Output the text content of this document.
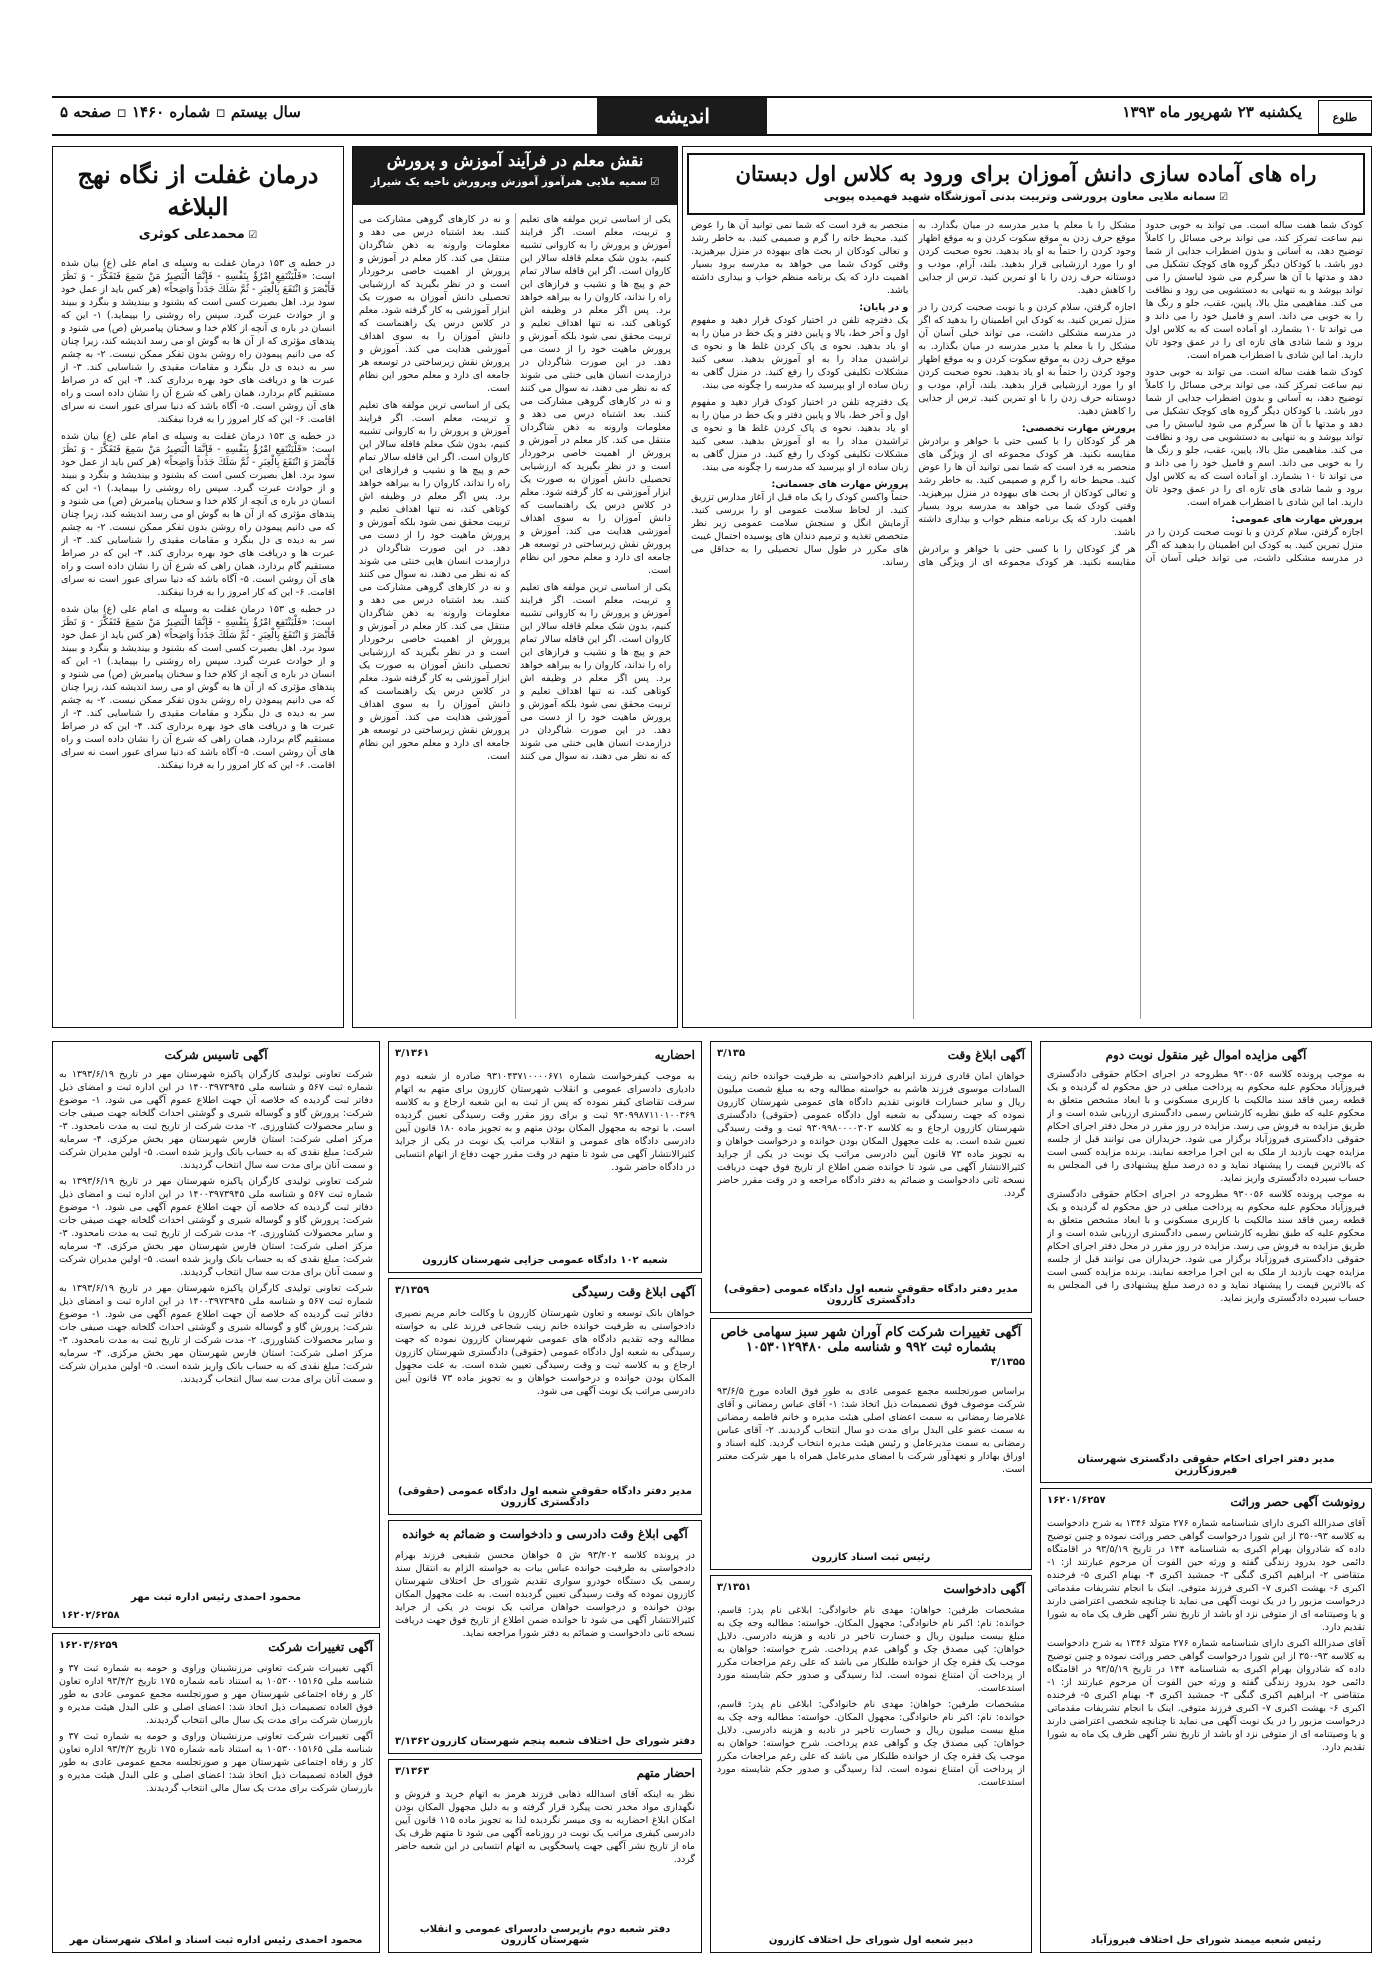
طلوع
یکشنبه ۲۳ شهریور ماه ۱۳۹۳
اندیشه
سال بیستم ▫ شماره ۱۴۶۰ ▫ صفحه ۵
راه های آماده سازی دانش آموزان برای ورود به کلاس اول دبستان
☑ سمانه ملایی معاون پرورشی وتربیت بدنی آموزشگاه شهید فهمیده پیوپی

کودک شما هفت ساله است. می تواند به خوبی حدود نیم ساعت تمرکز کند، می تواند برخی مسائل را کاملاً توضیح دهد، به آسانی و بدون اضطراب جدایی از شما دور باشد. با کودکان دیگر گروه های کوچک تشکیل می دهد و مدتها با آن ها سرگرم می شود لباسش را می تواند بپوشد و به تنهایی به دستشویی می رود و نظافت می کند. مفاهیمی مثل بالا، پایین، عقب، جلو و رنگ ها را به خوبی می داند. اسم و فامیل خود را می داند و می تواند تا ۱۰ بشمارد. او آماده است که به کلاس اول برود و شما شادی های تازه ای را در عمق وجود تان دارید. اما این شادی با اضطراب همراه است.

کودک شما هفت ساله است. می تواند به خوبی حدود نیم ساعت تمرکز کند، می تواند برخی مسائل را کاملاً توضیح دهد، به آسانی و بدون اضطراب جدایی از شما دور باشد. با کودکان دیگر گروه های کوچک تشکیل می دهد و مدتها با آن ها سرگرم می شود لباسش را می تواند بپوشد و به تنهایی به دستشویی می رود و نظافت می کند. مفاهیمی مثل بالا، پایین، عقب، جلو و رنگ ها را به خوبی می داند. اسم و فامیل خود را می داند و می تواند تا ۱۰ بشمارد. او آماده است که به کلاس اول برود و شما شادی های تازه ای را در عمق وجود تان دارید. اما این شادی با اضطراب همراه است.

پرورش مهارت های عمومی:

اجازه گرفتن، سلام کردن و با نوبت صحبت کردن را در منزل تمرین کنید. به کودک اين اطمینان را بدهید که اگر در مدرسه مشکلی داشت، می تواند خیلی آسان آن مشکل را با معلم یا مدیر مدرسه در میان بگذارد. به موقع حرف زدن به موقع سکوت کردن و به موقع اظهار وجود کردن را حتماً به او یاد بدهید. نحوه صحبت کردن او را مورد ارزشیابی قرار بدهید. بلند، آرام، مودب و دوستانه حرف زدن را با او تمرین کنید. ترس از جدایی را کاهش دهید.

اجازه گرفتن، سلام کردن و با نوبت صحبت کردن را در منزل تمرین کنید. به کودک اين اطمینان را بدهید که اگر در مدرسه مشکلی داشت، می تواند خیلی آسان آن مشکل را با معلم یا مدیر مدرسه در میان بگذارد. به موقع حرف زدن به موقع سکوت کردن و به موقع اظهار وجود کردن را حتماً به او یاد بدهید. نحوه صحبت کردن او را مورد ارزشیابی قرار بدهید. بلند، آرام، مودب و دوستانه حرف زدن را با او تمرین کنید. ترس از جدایی را کاهش دهید.

پرورش مهارت تخصصی:

هر گز کودکان را با کسی حتی با خواهر و برادرش مقایسه نکنید. هر کودک مجموعه ای از ویژگی های منحصر به فرد است که شما نمی توانید آن ها را عوض کنید. محیط خانه را گرم و صمیمی کنید. به خاطر رشد و تعالی کودکان از بحث های بیهوده در منزل بپرهیزید. وقتی کودک شما می خواهد به مدرسه برود بسیار اهمیت دارد که یک برنامه منظم خواب و بیداری داشته باشد.

هر گز کودکان را با کسی حتی با خواهر و برادرش مقایسه نکنید. هر کودک مجموعه ای از ویژگی های منحصر به فرد است که شما نمی توانید آن ها را عوض کنید. محیط خانه را گرم و صمیمی کنید. به خاطر رشد و تعالی کودکان از بحث های بیهوده در منزل بپرهیزید. وقتی کودک شما می خواهد به مدرسه برود بسیار اهمیت دارد که یک برنامه منظم خواب و بیداری داشته باشد.

و در پایان:

یک دفترچه تلفن در اختیار کودک قرار دهید و مفهوم اول و آخر خط، بالا و پایین دفتر و یک خط در میان را به او یاد بدهید. نحوه ی پاک کردن غلط ها و نحوه ی تراشیدن مداد را به او آموزش بدهید. سعی کنید مشکلات تکلیفی کودک را رفع کنید. در منزل گاهی به زبان ساده از او بپرسید که مدرسه را چگونه می بیند.

یک دفترچه تلفن در اختیار کودک قرار دهید و مفهوم اول و آخر خط، بالا و پایین دفتر و یک خط در میان را به او یاد بدهید. نحوه ی پاک کردن غلط ها و نحوه ی تراشیدن مداد را به او آموزش بدهید. سعی کنید مشکلات تکلیفی کودک را رفع کنید. در منزل گاهی به زبان ساده از او بپرسید که مدرسه را چگونه می بیند.

پرورش مهارت های جسمانی:

حتماً واکسن کودک را یک ماه قبل از آغاز مدارس تزریق کنید. از لحاظ سلامت عمومی او را بررسی کنید. آزمایش انگل و سنجش سلامت عمومی زیر نظر متخصص تغذیه و ترمیم دندان های پوسیده احتمال غیبت های مکرر در طول سال تحصیلی را به حداقل می رساند.

نقش معلم در فرآیند آموزش و پرورش
☑ سمیه ملایی هنرآموز آموزش وپرورش ناحیه یک شیراز

یکی از اساسی ترین مولفه های تعلیم و تربیت، معلم است. اگر فرایند آموزش و پرورش را به کاروانی تشبیه کنیم، بدون شک معلم قافله سالار این کاروان است. اگر این قافله سالار تمام خم و پیچ ها و نشیب و فرازهای این راه را نداند، کاروان را به بیراهه خواهد برد. پس اگر معلم در وظیفه اش کوتاهی کند، نه تنها اهداف تعلیم و تربیت محقق نمی شود بلکه آموزش و پرورش ماهیت خود را از دست می دهد. در این صورت شاگردان در درازمدت انسان هایی خنثی می شوند که نه نظر می دهند، نه سوال می کنند و نه در کارهای گروهی مشارکت می کنند. بعد اشتباه درس می دهد و معلومات وارونه به ذهن شاگردان منتقل می کند. کار معلم در آموزش و پرورش از اهمیت خاصی برخوردار است و در نظر بگیرید که ارزشیابی تحصیلی دانش آموزان به صورت یک ابزار آموزشی به کار گرفته شود. معلم در کلاس درس یک راهنماست که دانش آموزان را به سوی اهداف آموزشی هدایت می کند. آموزش و پرورش نقش زیرساختی در توسعه هر جامعه ای دارد و معلم محور این نظام است.

یکی از اساسی ترین مولفه های تعلیم و تربیت، معلم است. اگر فرایند آموزش و پرورش را به کاروانی تشبیه کنیم، بدون شک معلم قافله سالار این کاروان است. اگر این قافله سالار تمام خم و پیچ ها و نشیب و فرازهای این راه را نداند، کاروان را به بیراهه خواهد برد. پس اگر معلم در وظیفه اش کوتاهی کند، نه تنها اهداف تعلیم و تربیت محقق نمی شود بلکه آموزش و پرورش ماهیت خود را از دست می دهد. در این صورت شاگردان در درازمدت انسان هایی خنثی می شوند که نه نظر می دهند، نه سوال می کنند و نه در کارهای گروهی مشارکت می کنند. بعد اشتباه درس می دهد و معلومات وارونه به ذهن شاگردان منتقل می کند. کار معلم در آموزش و پرورش از اهمیت خاصی برخوردار است و در نظر بگیرید که ارزشیابی تحصیلی دانش آموزان به صورت یک ابزار آموزشی به کار گرفته شود. معلم در کلاس درس یک راهنماست که دانش آموزان را به سوی اهداف آموزشی هدایت می کند. آموزش و پرورش نقش زیرساختی در توسعه هر جامعه ای دارد و معلم محور این نظام است.

یکی از اساسی ترین مولفه های تعلیم و تربیت، معلم است. اگر فرایند آموزش و پرورش را به کاروانی تشبیه کنیم، بدون شک معلم قافله سالار این کاروان است. اگر این قافله سالار تمام خم و پیچ ها و نشیب و فرازهای این راه را نداند، کاروان را به بیراهه خواهد برد. پس اگر معلم در وظیفه اش کوتاهی کند، نه تنها اهداف تعلیم و تربیت محقق نمی شود بلکه آموزش و پرورش ماهیت خود را از دست می دهد. در این صورت شاگردان در درازمدت انسان هایی خنثی می شوند که نه نظر می دهند، نه سوال می کنند و نه در کارهای گروهی مشارکت می کنند. بعد اشتباه درس می دهد و معلومات وارونه به ذهن شاگردان منتقل می کند. کار معلم در آموزش و پرورش از اهمیت خاصی برخوردار است و در نظر بگیرید که ارزشیابی تحصیلی دانش آموزان به صورت یک ابزار آموزشی به کار گرفته شود. معلم در کلاس درس یک راهنماست که دانش آموزان را به سوی اهداف آموزشی هدایت می کند. آموزش و پرورش نقش زیرساختی در توسعه هر جامعه ای دارد و معلم محور این نظام است.

درمان غفلت از نگاه نهج البلاغه
☑ محمدعلی کوثری

در خطبه ی ۱۵۳ درمان غفلت به وسیله ی امام علی (ع) بیان شده است: «فَلْيَنْتَفِعِ امْرُؤٌ بِنَفْسِهِ - فَإِنَّمَا الْبَصِيرُ مَنْ سَمِعَ فَتَفَكَّرَ - وَ نَظَرَ فَأَبْصَرَ وَ انْتَفَعَ بِالْعِبَرِ - ثُمَّ سَلَكَ جَدَداً وَاضِحاً» (هر کس باید از عمل خود سود برد. اهل بصیرت کسی است که بشنود و بیندیشد و بنگرد و ببیند و از حوادث عبرت گیرد. سپس راه روشنی را بپیماید.) ۱- این که انسان در باره ی آنچه از کلام خدا و سخنان پیامبرش (ص) می شنود و پندهای مؤثری که از آن ها به گوش او می رسد اندیشه کند، زیرا چنان که می دانیم پیمودن راه روشن بدون تفکر ممکن نیست. ۲- به چشم سر به دیده ی دل بنگرد و مقامات مقیدی را شناسایی کند. ۳- از عبرت ها و دریافت های خود بهره برداری کند. ۴- این که در صراط مستقیم گام بردارد، همان راهی که شرع آن را نشان داده است و راه های آن روشن است. ۵- آگاه باشد که دنیا سرای عبور است نه سرای اقامت. ۶- این که کار امروز را به فردا نیفکند.

در خطبه ی ۱۵۳ درمان غفلت به وسیله ی امام علی (ع) بیان شده است: «فَلْيَنْتَفِعِ امْرُؤٌ بِنَفْسِهِ - فَإِنَّمَا الْبَصِيرُ مَنْ سَمِعَ فَتَفَكَّرَ - وَ نَظَرَ فَأَبْصَرَ وَ انْتَفَعَ بِالْعِبَرِ - ثُمَّ سَلَكَ جَدَداً وَاضِحاً» (هر کس باید از عمل خود سود برد. اهل بصیرت کسی است که بشنود و بیندیشد و بنگرد و ببیند و از حوادث عبرت گیرد. سپس راه روشنی را بپیماید.) ۱- این که انسان در باره ی آنچه از کلام خدا و سخنان پیامبرش (ص) می شنود و پندهای مؤثری که از آن ها به گوش او می رسد اندیشه کند، زیرا چنان که می دانیم پیمودن راه روشن بدون تفکر ممکن نیست. ۲- به چشم سر به دیده ی دل بنگرد و مقامات مقیدی را شناسایی کند. ۳- از عبرت ها و دریافت های خود بهره برداری کند. ۴- این که در صراط مستقیم گام بردارد، همان راهی که شرع آن را نشان داده است و راه های آن روشن است. ۵- آگاه باشد که دنیا سرای عبور است نه سرای اقامت. ۶- این که کار امروز را به فردا نیفکند.

در خطبه ی ۱۵۳ درمان غفلت به وسیله ی امام علی (ع) بیان شده است: «فَلْيَنْتَفِعِ امْرُؤٌ بِنَفْسِهِ - فَإِنَّمَا الْبَصِيرُ مَنْ سَمِعَ فَتَفَكَّرَ - وَ نَظَرَ فَأَبْصَرَ وَ انْتَفَعَ بِالْعِبَرِ - ثُمَّ سَلَكَ جَدَداً وَاضِحاً» (هر کس باید از عمل خود سود برد. اهل بصیرت کسی است که بشنود و بیندیشد و بنگرد و ببیند و از حوادث عبرت گیرد. سپس راه روشنی را بپیماید.) ۱- این که انسان در باره ی آنچه از کلام خدا و سخنان پیامبرش (ص) می شنود و پندهای مؤثری که از آن ها به گوش او می رسد اندیشه کند، زیرا چنان که می دانیم پیمودن راه روشن بدون تفکر ممکن نیست. ۲- به چشم سر به دیده ی دل بنگرد و مقامات مقیدی را شناسایی کند. ۳- از عبرت ها و دریافت های خود بهره برداری کند. ۴- این که در صراط مستقیم گام بردارد، همان راهی که شرع آن را نشان داده است و راه های آن روشن است. ۵- آگاه باشد که دنیا سرای عبور است نه سرای اقامت. ۶- این که کار امروز را به فردا نیفکند.

آگهی مزایده اموال غیر منقول نوبت دوم

به موجب پرونده کلاسه ۹۳۰۰۵۶ مطروحه در اجرای احکام حقوقی دادگستری فیروزآباد محکوم علیه محکوم به پرداخت مبلغی در حق محکوم له گردیده و یک قطعه زمین فاقد سند مالکیت با کاربری مسکونی و با ابعاد مشخص متعلق به محکوم علیه که طبق نظریه کارشناس رسمی دادگستری ارزیابی شده است و از طریق مزایده به فروش می رسد. مزایده در روز مقرر در محل دفتر اجرای احکام حقوقی دادگستری فیروزآباد برگزار می شود. خریداران می توانند قبل از جلسه مزایده جهت بازدید از ملک به این اجرا مراجعه نمایند. برنده مزایده کسی است که بالاترین قیمت را پیشنهاد نماید و ده درصد مبلغ پیشنهادی را فی المجلس به حساب سپرده دادگستری واریز نماید.

به موجب پرونده کلاسه ۹۳۰۰۵۶ مطروحه در اجرای احکام حقوقی دادگستری فیروزآباد محکوم علیه محکوم به پرداخت مبلغی در حق محکوم له گردیده و یک قطعه زمین فاقد سند مالکیت با کاربری مسکونی و با ابعاد مشخص متعلق به محکوم علیه که طبق نظریه کارشناس رسمی دادگستری ارزیابی شده است و از طریق مزایده به فروش می رسد. مزایده در روز مقرر در محل دفتر اجرای احکام حقوقی دادگستری فیروزآباد برگزار می شود. خریداران می توانند قبل از جلسه مزایده جهت بازدید از ملک به این اجرا مراجعه نمایند. برنده مزایده کسی است که بالاترین قیمت را پیشنهاد نماید و ده درصد مبلغ پیشنهادی را فی المجلس به حساب سپرده دادگستری واریز نماید.

مدیر دفتر اجرای احکام حقوقی دادگستری شهرستان فیروزکارزین
رونوشت آگهی حصر وراثت
۱۶۲۰۱/۶۲۵۷

آقای صدرالله اکبری دارای شناسنامه شماره ۲۷۶ متولد ۱۳۴۶ به شرح دادخواست به کلاسه ۹۳-۳۵۰ از این شورا درخواست گواهی حصر وراثت نموده و چنین توضیح داده که شادروان بهرام اکبری به شناسنامه ۱۴۴ در تاریخ ۹۳/۵/۱۹ در اقامتگاه دائمی خود بدرود زندگی گفته و ورثه حین الفوت آن مرحوم عبارتند از: ۱- متقاضی ۲- ابراهیم اکبری گنگی ۳- جمشید اکبری ۴- بهنام اکبری ۵- فرخنده اکبری ۶- بهشت اکبری ۷- اکبری فرزند متوفی. اینک با انجام تشریفات مقدماتی درخواست مزبور را در یک نوبت آگهی می نماید تا چنانچه شخصی اعتراضی دارند و یا وصیتنامه ای از متوفی نزد او باشد از تاریخ نشر آگهی ظرف یک ماه به شورا تقدیم دارد.

آقای صدرالله اکبری دارای شناسنامه شماره ۲۷۶ متولد ۱۳۴۶ به شرح دادخواست به کلاسه ۹۳-۳۵۰ از این شورا درخواست گواهی حصر وراثت نموده و چنین توضیح داده که شادروان بهرام اکبری به شناسنامه ۱۴۴ در تاریخ ۹۳/۵/۱۹ در اقامتگاه دائمی خود بدرود زندگی گفته و ورثه حین الفوت آن مرحوم عبارتند از: ۱- متقاضی ۲- ابراهیم اکبری گنگی ۳- جمشید اکبری ۴- بهنام اکبری ۵- فرخنده اکبری ۶- بهشت اکبری ۷- اکبری فرزند متوفی. اینک با انجام تشریفات مقدماتی درخواست مزبور را در یک نوبت آگهی می نماید تا چنانچه شخصی اعتراضی دارند و یا وصیتنامه ای از متوفی نزد او باشد از تاریخ نشر آگهی ظرف یک ماه به شورا تقدیم دارد.

رئیس شعبه میمند شورای حل اختلاف فیروزآباد
آگهی ابلاغ وقت
۳/۱۳۵
خواهان امان قادری فرزند ابراهیم دادخواستی به طرفیت خوانده خانم زینت السادات موسوی فرزند هاشم به خواسته مطالبه وجه به مبلغ شصت میلیون ریال و سایر خسارات قانونی تقدیم دادگاه های عمومی شهرستان کازرون نموده که جهت رسیدگی به شعبه اول دادگاه عمومی (حقوقی) دادگستری شهرستان کازرون ارجاع و به کلاسه ۹۳۰۹۹۸۰۰۰۰۳۰۲ ثبت و وقت رسیدگی تعیین شده است. به علت مجهول المکان بودن خوانده و درخواست خواهان و به تجویز ماده ۷۳ قانون آیین دادرسی مراتب یک نوبت در یکی از جراید کثیرالانتشار آگهی می شود تا خوانده ضمن اطلاع از تاریخ فوق جهت دریافت نسخه ثانی دادخواست و ضمائم به دفتر دادگاه مراجعه و در وقت مقرر حاضر گردد.
مدیر دفتر دادگاه حقوقی شعبه اول دادگاه عمومی (حقوقی) دادگستری کازرون
آگهی تغییرات شرکت کام آوران شهر سبز سهامی خاص بشماره ثبت ۹۹۲ و شناسه ملی ۱۰۵۳۰۱۲۹۴۸۰
۳/۱۳۵۵
براساس صورتجلسه مجمع عمومی عادی به طور فوق العاده مورخ ۹۳/۶/۵ شرکت موصوف فوق تصمیمات ذیل اتخاذ شد: ۱- آقای عباس رمضانی و آقای غلامرضا رمضانی به سمت اعضای اصلی هیئت مدیره و خانم فاطمه رمضانی به سمت عضو علی البدل برای مدت دو سال انتخاب گردیدند. ۲- آقای عباس رمضانی به سمت مدیرعامل و رئیس هیئت مدیره انتخاب گردید. کلیه اسناد و اوراق بهادار و تعهدآور شرکت با امضای مدیرعامل همراه با مهر شرکت معتبر است.
رئیس ثبت اسناد کازرون
آگهی دادخواست
۳/۱۳۵۱

مشخصات طرفین: خواهان: مهدی نام خانوادگی: ابلاغی نام پدر: قاسم، خوانده: نام: اکبر نام خانوادگی: مجهول المکان. خواسته: مطالبه وجه چک به مبلغ بیست میلیون ریال و خسارت تاخیر در تادیه و هزینه دادرسی. دلایل خواهان: کپی مصدق چک و گواهی عدم پرداخت. شرح خواسته: خواهان به موجب یک فقره چک از خوانده طلبکار می باشد که علی رغم مراجعات مکرر از پرداخت آن امتناع نموده است. لذا رسیدگی و صدور حکم شایسته مورد استدعاست.

مشخصات طرفین: خواهان: مهدی نام خانوادگی: ابلاغی نام پدر: قاسم، خوانده: نام: اکبر نام خانوادگی: مجهول المکان. خواسته: مطالبه وجه چک به مبلغ بیست میلیون ریال و خسارت تاخیر در تادیه و هزینه دادرسی. دلایل خواهان: کپی مصدق چک و گواهی عدم پرداخت. شرح خواسته: خواهان به موجب یک فقره چک از خوانده طلبکار می باشد که علی رغم مراجعات مکرر از پرداخت آن امتناع نموده است. لذا رسیدگی و صدور حکم شایسته مورد استدعاست.

دبیر شعبه اول شورای حل اختلاف کازرون
احضاریه
۳/۱۳۶۱
به موجب کیفرخواست شماره ۹۳۱۰۴۳۷۱۰۰۰۰۶۷۱ صادره از شعبه دوم دادیاری دادسرای عمومی و انقلاب شهرستان کازرون برای متهم به اتهام سرقت تقاضای کیفر نموده که پس از ثبت به این شعبه ارجاع و به کلاسه ۹۳۰۹۹۸۷۱۱۰۱۰۰۳۶۹ ثبت و برای روز مقرر وقت رسیدگی تعیین گردیده است. با توجه به مجهول المکان بودن متهم و به تجویز ماده ۱۸۰ قانون آیین دادرسی دادگاه های عمومی و انقلاب مراتب یک نوبت در یکی از جراید کثیرالانتشار آگهی می شود تا متهم در وقت مقرر جهت دفاع از اتهام انتسابی در دادگاه حاضر شود.
شعبه ۱۰۲ دادگاه عمومی جزایی شهرستان کازرون
آگهی ابلاغ وقت رسیدگی
۳/۱۳۵۹
خواهان بانک توسعه و تعاون شهرستان کازرون با وکالت خانم مریم نصیری دادخواستی به طرفیت خوانده خانم زینب شجاعی فرزند علی به خواسته مطالبه وجه تقدیم دادگاه های عمومی شهرستان کازرون نموده که جهت رسیدگی به شعبه اول دادگاه عمومی (حقوقی) دادگستری شهرستان کازرون ارجاع و به کلاسه ثبت و وقت رسیدگی تعیین شده است. به علت مجهول المکان بودن خوانده و درخواست خواهان و به تجویز ماده ۷۳ قانون آیین دادرسی مراتب یک نوبت آگهی می شود.
مدیر دفتر دادگاه حقوقی شعبه اول دادگاه عمومی (حقوقی) دادگستری کازرون
آگهی ابلاغ وقت دادرسی و دادخواست و ضمائم به خوانده
در پرونده کلاسه ۹۳/۲۰۲ ش ۵ خواهان محسن شفیعی فرزند بهرام دادخواستی به طرفیت خوانده عباس بیات به خواسته الزام به انتقال سند رسمی یک دستگاه خودرو سواری تقدیم شورای حل اختلاف شهرستان کازرون نموده که وقت رسیدگی تعیین گردیده است. به علت مجهول المکان بودن خوانده و درخواست خواهان مراتب یک نوبت در یکی از جراید کثیرالانتشار آگهی می شود تا خوانده ضمن اطلاع از تاریخ فوق جهت دریافت نسخه ثانی دادخواست و ضمائم به دفتر شورا مراجعه نماید.
دفتر شورای حل اختلاف شعبه پنجم شهرستان کازرون
۳/۱۳۶۲
احضار متهم
۳/۱۳۶۳
نظر به اینکه آقای اسدالله ذهابی فرزند هرمز به اتهام خرید و فروش و نگهداری مواد مخدر تحت پیگرد قرار گرفته و به دلیل مجهول المکان بودن امکان ابلاغ احضاریه به وی میسر نگردیده لذا به تجویز ماده ۱۱۵ قانون آیین دادرسی کیفری مراتب یک نوبت در روزنامه آگهی می شود تا متهم ظرف یک ماه از تاریخ نشر آگهی جهت پاسخگویی به اتهام انتسابی در این شعبه حاضر گردد.
دفتر شعبه دوم بازپرسی دادسرای عمومی و انقلاب شهرستان کازرون
آگهی تاسیس شرکت

شرکت تعاونی تولیدی کارگران پاکیزه شهرستان مهر در تاریخ ۱۳۹۳/۶/۱۹ به شماره ثبت ۵۶۷ و شناسه ملی ۱۴۰۰۳۹۷۳۹۴۵ در این اداره ثبت و امضای ذیل دفاتر ثبت گردیده که خلاصه آن جهت اطلاع عموم آگهی می شود. ۱- موضوع شرکت: پرورش گاو و گوساله شیری و گوشتی احداث گلخانه جهت صیفی جات و سایر محصولات کشاورزی. ۲- مدت شرکت از تاریخ ثبت به مدت نامحدود. ۳- مرکز اصلی شرکت: استان فارس شهرستان مهر بخش مرکزی. ۴- سرمایه شرکت: مبلغ نقدی که به حساب بانک واریز شده است. ۵- اولین مدیران شرکت و سمت آنان برای مدت سه سال انتخاب گردیدند.

شرکت تعاونی تولیدی کارگران پاکیزه شهرستان مهر در تاریخ ۱۳۹۳/۶/۱۹ به شماره ثبت ۵۶۷ و شناسه ملی ۱۴۰۰۳۹۷۳۹۴۵ در این اداره ثبت و امضای ذیل دفاتر ثبت گردیده که خلاصه آن جهت اطلاع عموم آگهی می شود. ۱- موضوع شرکت: پرورش گاو و گوساله شیری و گوشتی احداث گلخانه جهت صیفی جات و سایر محصولات کشاورزی. ۲- مدت شرکت از تاریخ ثبت به مدت نامحدود. ۳- مرکز اصلی شرکت: استان فارس شهرستان مهر بخش مرکزی. ۴- سرمایه شرکت: مبلغ نقدی که به حساب بانک واریز شده است. ۵- اولین مدیران شرکت و سمت آنان برای مدت سه سال انتخاب گردیدند.

شرکت تعاونی تولیدی کارگران پاکیزه شهرستان مهر در تاریخ ۱۳۹۳/۶/۱۹ به شماره ثبت ۵۶۷ و شناسه ملی ۱۴۰۰۳۹۷۳۹۴۵ در این اداره ثبت و امضای ذیل دفاتر ثبت گردیده که خلاصه آن جهت اطلاع عموم آگهی می شود. ۱- موضوع شرکت: پرورش گاو و گوساله شیری و گوشتی احداث گلخانه جهت صیفی جات و سایر محصولات کشاورزی. ۲- مدت شرکت از تاریخ ثبت به مدت نامحدود. ۳- مرکز اصلی شرکت: استان فارس شهرستان مهر بخش مرکزی. ۴- سرمایه شرکت: مبلغ نقدی که به حساب بانک واریز شده است. ۵- اولین مدیران شرکت و سمت آنان برای مدت سه سال انتخاب گردیدند.

محمود احمدی رئیس اداره ثبت مهر
۱۶۲۰۲/۶۲۵۸
آگهی تغییرات شرکت
۱۶۲۰۳/۶۲۵۹

آگهی تغییرات شرکت تعاونی مرزنشینان وراوی و حومه به شماره ثبت ۳۷ و شناسه ملی ۱۰۵۳۰۰۱۵۱۶۵ به استناد نامه شماره ۱۷۵ تاریخ ۹۳/۴/۲ اداره تعاون کار و رفاه اجتماعی شهرستان مهر و صورتجلسه مجمع عمومی عادی به طور فوق العاده تصمیمات ذیل اتخاذ شد: اعضای اصلی و علی البدل هیئت مدیره و بازرسان شرکت برای مدت یک سال مالی انتخاب گردیدند.

آگهی تغییرات شرکت تعاونی مرزنشینان وراوی و حومه به شماره ثبت ۳۷ و شناسه ملی ۱۰۵۳۰۰۱۵۱۶۵ به استناد نامه شماره ۱۷۵ تاریخ ۹۳/۴/۲ اداره تعاون کار و رفاه اجتماعی شهرستان مهر و صورتجلسه مجمع عمومی عادی به طور فوق العاده تصمیمات ذیل اتخاذ شد: اعضای اصلی و علی البدل هیئت مدیره و بازرسان شرکت برای مدت یک سال مالی انتخاب گردیدند.

محمود احمدی رئیس اداره ثبت اسناد و املاک شهرستان مهر
